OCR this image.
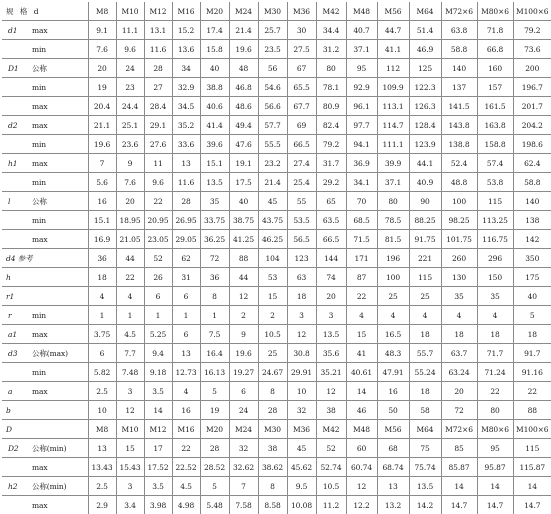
规 格 d		M8	M10	M12	M16	M20	M24	M30	M36	M42	M48	M56	M64	M72×6	M80×6	M100×6
d1	max	9.1	11.1	13.1	15.2	17.4	21.4	25.7	30	34.4	40.7	44.7	51.4	63.8	71.8	79.2
	min	7.6	9.6	11.6	13.6	15.8	19.6	23.5	27.5	31.2	37.1	41.1	46.9	58.8	66.8	73.6
D1	公称	20	24	28	34	40	48	56	67	80	95	112	125	140	160	200
	min	19	23	27	32.9	38.8	46.8	54.6	65.5	78.1	92.9	109.9	122.3	137	157	196.7
	max	20.4	24.4	28.4	34.5	40.6	48.6	56.6	67.7	80.9	96.1	113.1	126.3	141.5	161.5	201.7
d2	max	21.1	25.1	29.1	35.2	41.4	49.4	57.7	69	82.4	97.7	114.7	128.4	143.8	163.8	204.2
	min	19.6	23.6	27.6	33.6	39.6	47.6	55.5	66.5	79.2	94.1	111.1	123.9	138.8	158.8	198.6
h1	max	7	9	11	13	15.1	19.1	23.2	27.4	31.7	36.9	39.9	44.1	52.4	57.4	62.4
	min	5.6	7.6	9.6	11.6	13.5	17.5	21.4	25.4	29.2	34.1	37.1	40.9	48.8	53.8	58.8
l	公称	16	20	22	28	35	40	45	55	65	70	80	90	100	115	140
	min	15.1	18.95	20.95	26.95	33.75	38.75	43.75	53.5	63.5	68.5	78.5	88.25	98.25	113.25	138
	max	16.9	21.05	23.05	29.05	36.25	41.25	46.25	56.5	66.5	71.5	81.5	91.75	101.75	116.75	142
d4 参考		36	44	52	62	72	88	104	123	144	171	196	221	260	296	350
h		18	22	26	31	36	44	53	63	74	87	100	115	130	150	175
r1		4	4	6	6	8	12	15	18	20	22	25	25	35	35	40
r	min	1	1	1	1	1	2	2	3	3	4	4	4	4	4	5
a1	max	3.75	4.5	5.25	6	7.5	9	10.5	12	13.5	15	16.5	18	18	18	18
d3	公称(max)	6	7.7	9.4	13	16.4	19.6	25	30.8	35.6	41	48.3	55.7	63.7	71.7	91.7
	min	5.82	7.48	9.18	12.73	16.13	19.27	24.67	29.91	35.21	40.61	47.91	55.24	63.24	71.24	91.16
a	max	2.5	3	3.5	4	5	6	8	10	12	14	16	18	20	22	22
b		10	12	14	16	19	24	28	32	38	46	50	58	72	80	88
D		M8	M10	M12	M16	M20	M24	M30	M36	M42	M48	M56	M64	M72×6	M80×6	M100×6
D2	公称(min)	13	15	17	22	28	32	38	45	52	60	68	75	85	95	115
	max	13.43	15.43	17.52	22.52	28.52	32.62	38.62	45.62	52.74	60.74	68.74	75.74	85.87	95.87	115.87
h2	公称(min)	2.5	3	3.5	4.5	5	7	8	9.5	10.5	12	13	13.5	14	14	14
	max	2.9	3.4	3.98	4.98	5.48	7.58	8.58	10.08	11.2	12.2	13.2	14.2	14.7	14.7	14.7
